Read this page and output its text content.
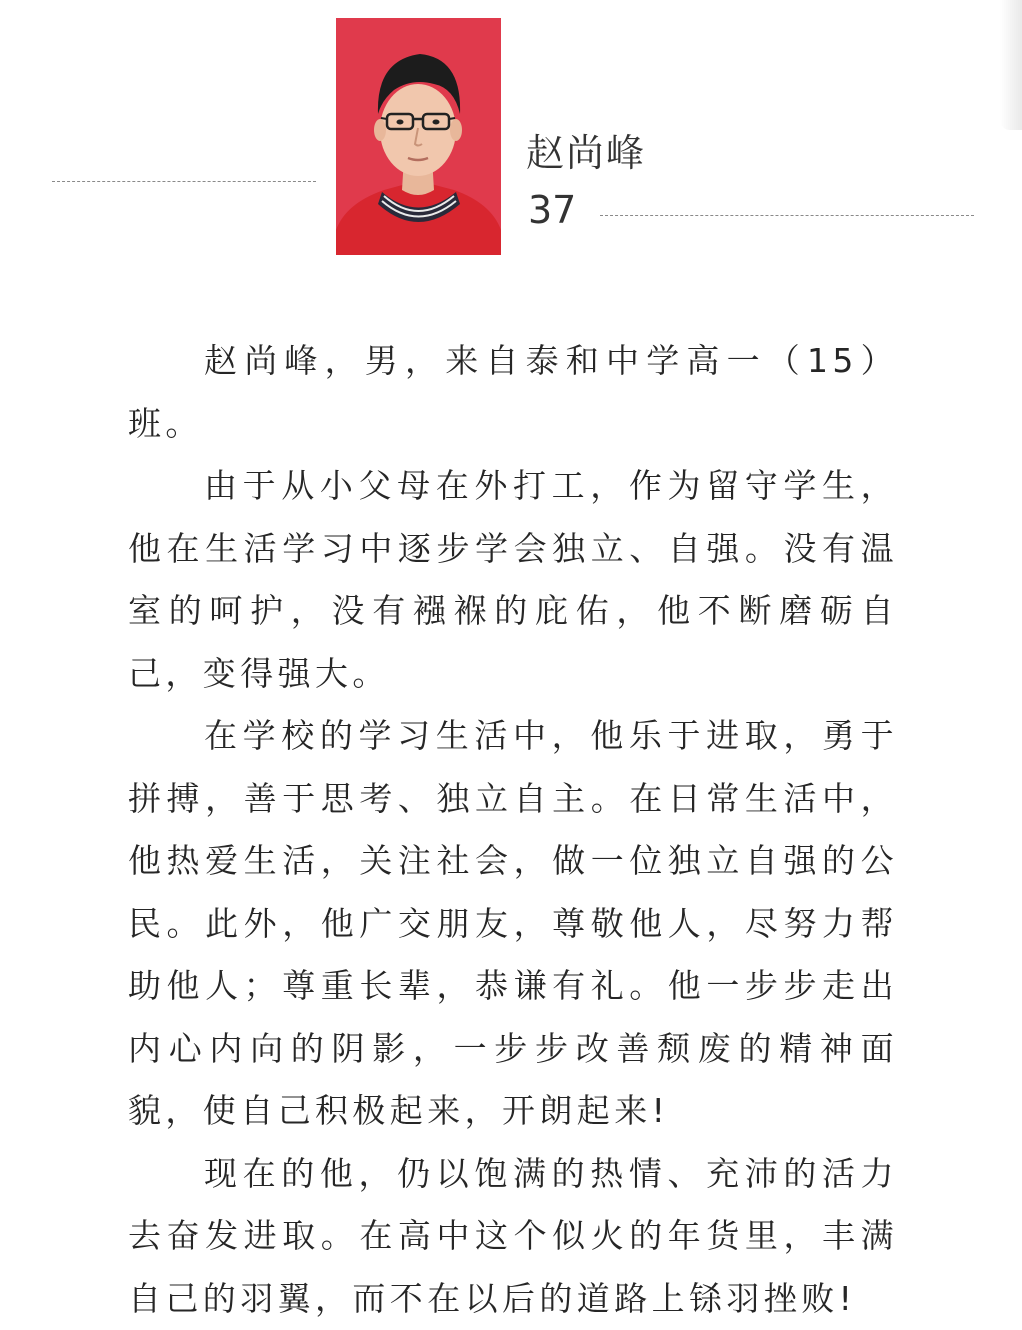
赵尚峰
37

赵尚峰，男，来自泰和中学高一（15）班。

由于从小父母在外打工，作为留守学生，他在生活学习中逐步学会独立、自强。没有温室的呵护，没有襁褓的庇佑，他不断磨砺自己，变得强大。

在学校的学习生活中，他乐于进取，勇于拼搏，善于思考、独立自主。在日常生活中，他热爱生活，关注社会，做一位独立自强的公民。此外，他广交朋友，尊敬他人，尽努力帮助他人；尊重长辈，恭谦有礼。他一步步走出内心内向的阴影，一步步改善颓废的精神面貌，使自己积极起来，开朗起来!

现在的他，仍以饱满的热情、充沛的活力去奋发进取。在高中这个似火的年货里，丰满自己的羽翼，而不在以后的道路上铩羽挫败!
